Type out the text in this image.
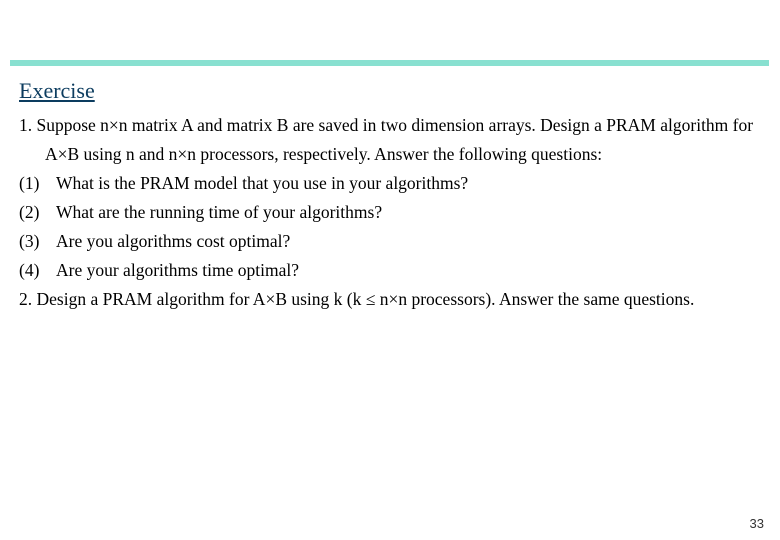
Exercise

1. Suppose n×n matrix A and matrix B are saved in two dimension arrays. Design a PRAM algorithm for A×B using n and n×n processors, respectively. Answer the following questions:

(1) What is the PRAM model that you use in your algorithms?

(2) What are the running time of your algorithms?

(3) Are you algorithms cost optimal?

(4) Are your algorithms time optimal?

2. Design a PRAM algorithm for A×B using k (k ≤ n×n processors). Answer the same questions.

33
